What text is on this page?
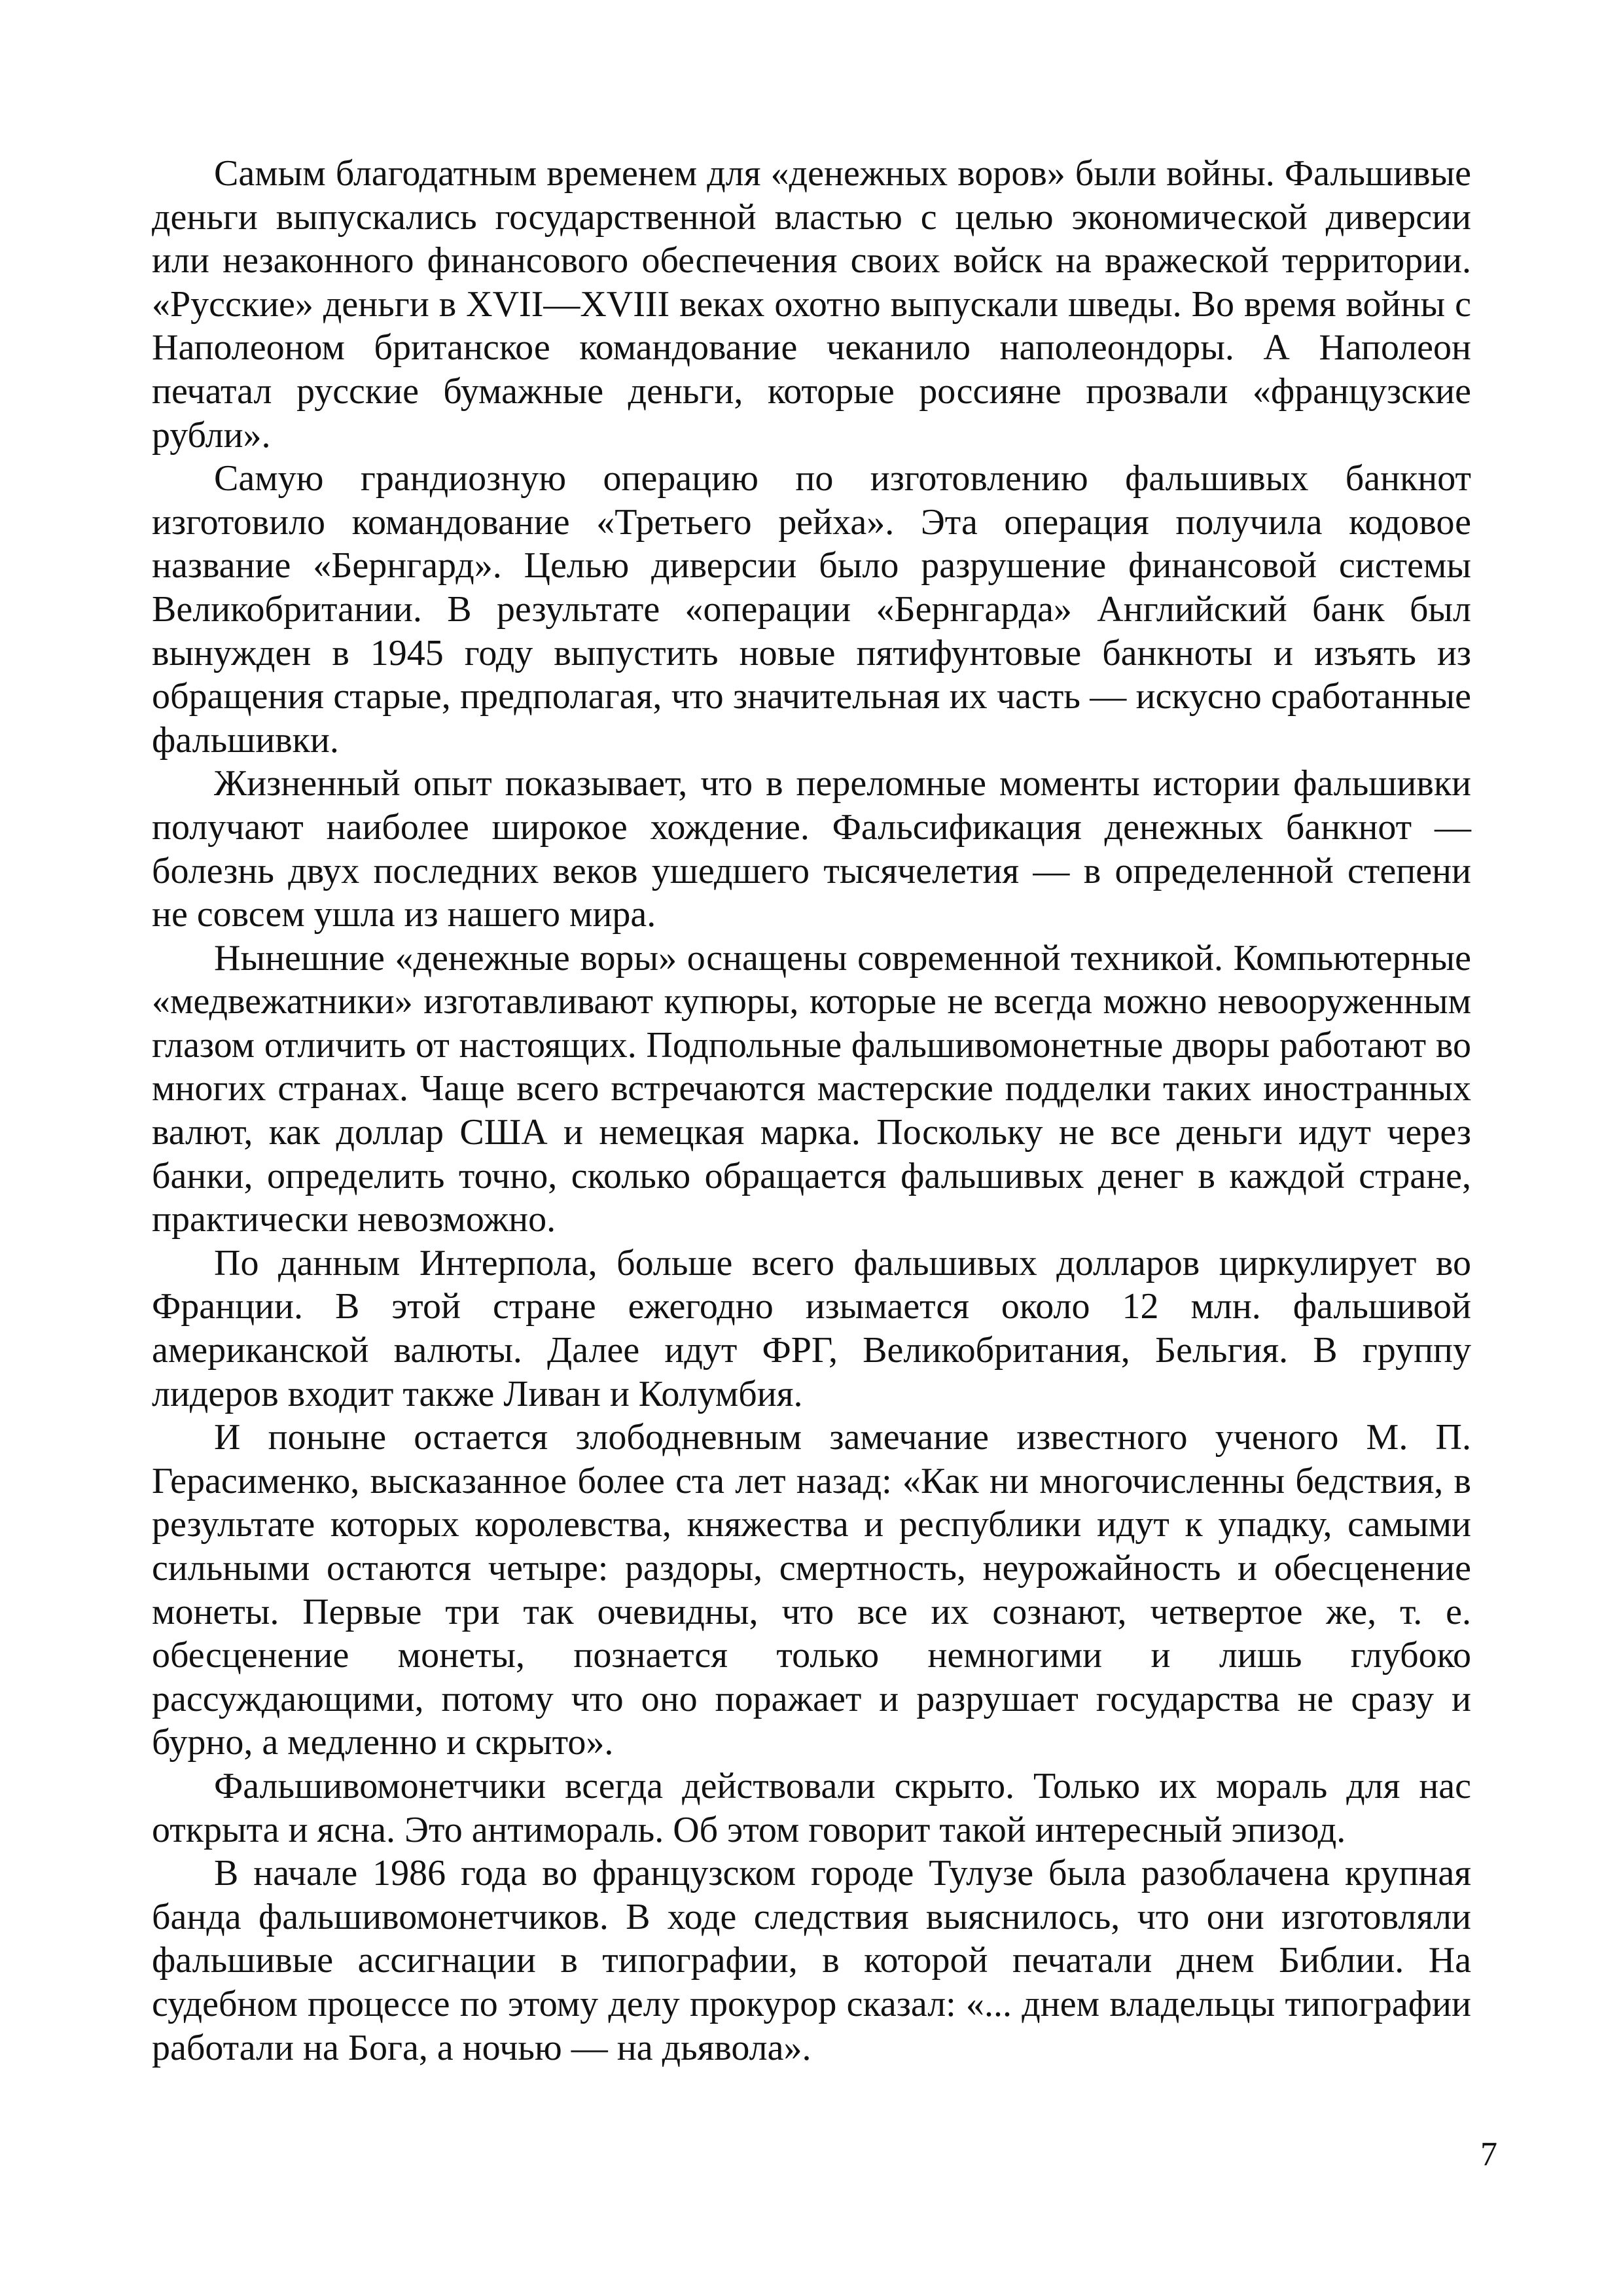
Самым благодатным временем для «денежных воров» были войны. Фальшивые деньги выпускались государственной властью с целью экономической диверсии или незаконного финансового обеспечения своих войск на вражеской территории. «Русские» деньги в XVII—XVIII веках охотно выпускали шведы. Во время войны с Наполеоном британское командование чеканило наполеондоры. А Наполеон печатал русские бумажные деньги, которые россияне прозвали «французские рубли».

Самую грандиозную операцию по изготовлению фальшивых банкнот изготовило командование «Третьего рейха». Эта операция получила кодовое название «Бернгард». Целью диверсии было разрушение финансовой системы Великобритании. В результате «операции «Бернгарда» Английский банк был вынужден в 1945 году выпустить новые пятифунтовые банкноты и изъять из обращения старые, предполагая, что значительная их часть — искусно сработанные фальшивки.

Жизненный опыт показывает, что в переломные моменты истории фальшивки получают наиболее широкое хождение. Фальсификация денежных банкнот — болезнь двух последних веков ушедшего тысячелетия — в определенной степени не совсем ушла из нашего мира.

Нынешние «денежные воры» оснащены современной техникой. Компьютерные «медвежатники» изготавливают купюры, которые не всегда можно невооруженным глазом отличить от настоящих. Подпольные фальшивомонетные дворы работают во многих странах. Чаще всего встречаются мастерские подделки таких иностранных валют, как доллар США и немецкая марка. Поскольку не все деньги идут через банки, определить точно, сколько обращается фальшивых денег в каждой стране, практически невозможно.

По данным Интерпола, больше всего фальшивых долларов циркулирует во Франции. В этой стране ежегодно изымается около 12 млн. фальшивой американской валюты. Далее идут ФРГ, Великобритания, Бельгия. В группу лидеров входит также Ливан и Колумбия.

И поныне остается злободневным замечание известного ученого М. П. Герасименко, высказанное более ста лет назад: «Как ни многочисленны бедствия, в результате которых королевства, княжества и республики идут к упадку, самыми сильными остаются четыре: раздоры, смертность, неурожайность и обесценение монеты. Первые три так очевидны, что все их сознают, четвертое же, т. е. обесценение монеты, познается только немногими и лишь глубоко рассуждающими, потому что оно поражает и разрушает государства не сразу и бурно, а медленно и скрыто».

Фальшивомонетчики всегда действовали скрыто. Только их мораль для нас открыта и ясна. Это антимораль. Об этом говорит такой интересный эпизод.

В начале 1986 года во французском городе Тулузе была разоблачена крупная банда фальшивомонетчиков. В ходе следствия выяснилось, что они изготовляли фальшивые ассигнации в типографии, в которой печатали днем Библии. На судебном процессе по этому делу прокурор сказал: «... днем владельцы типографии работали на Бога, а ночью — на дьявола».

7
